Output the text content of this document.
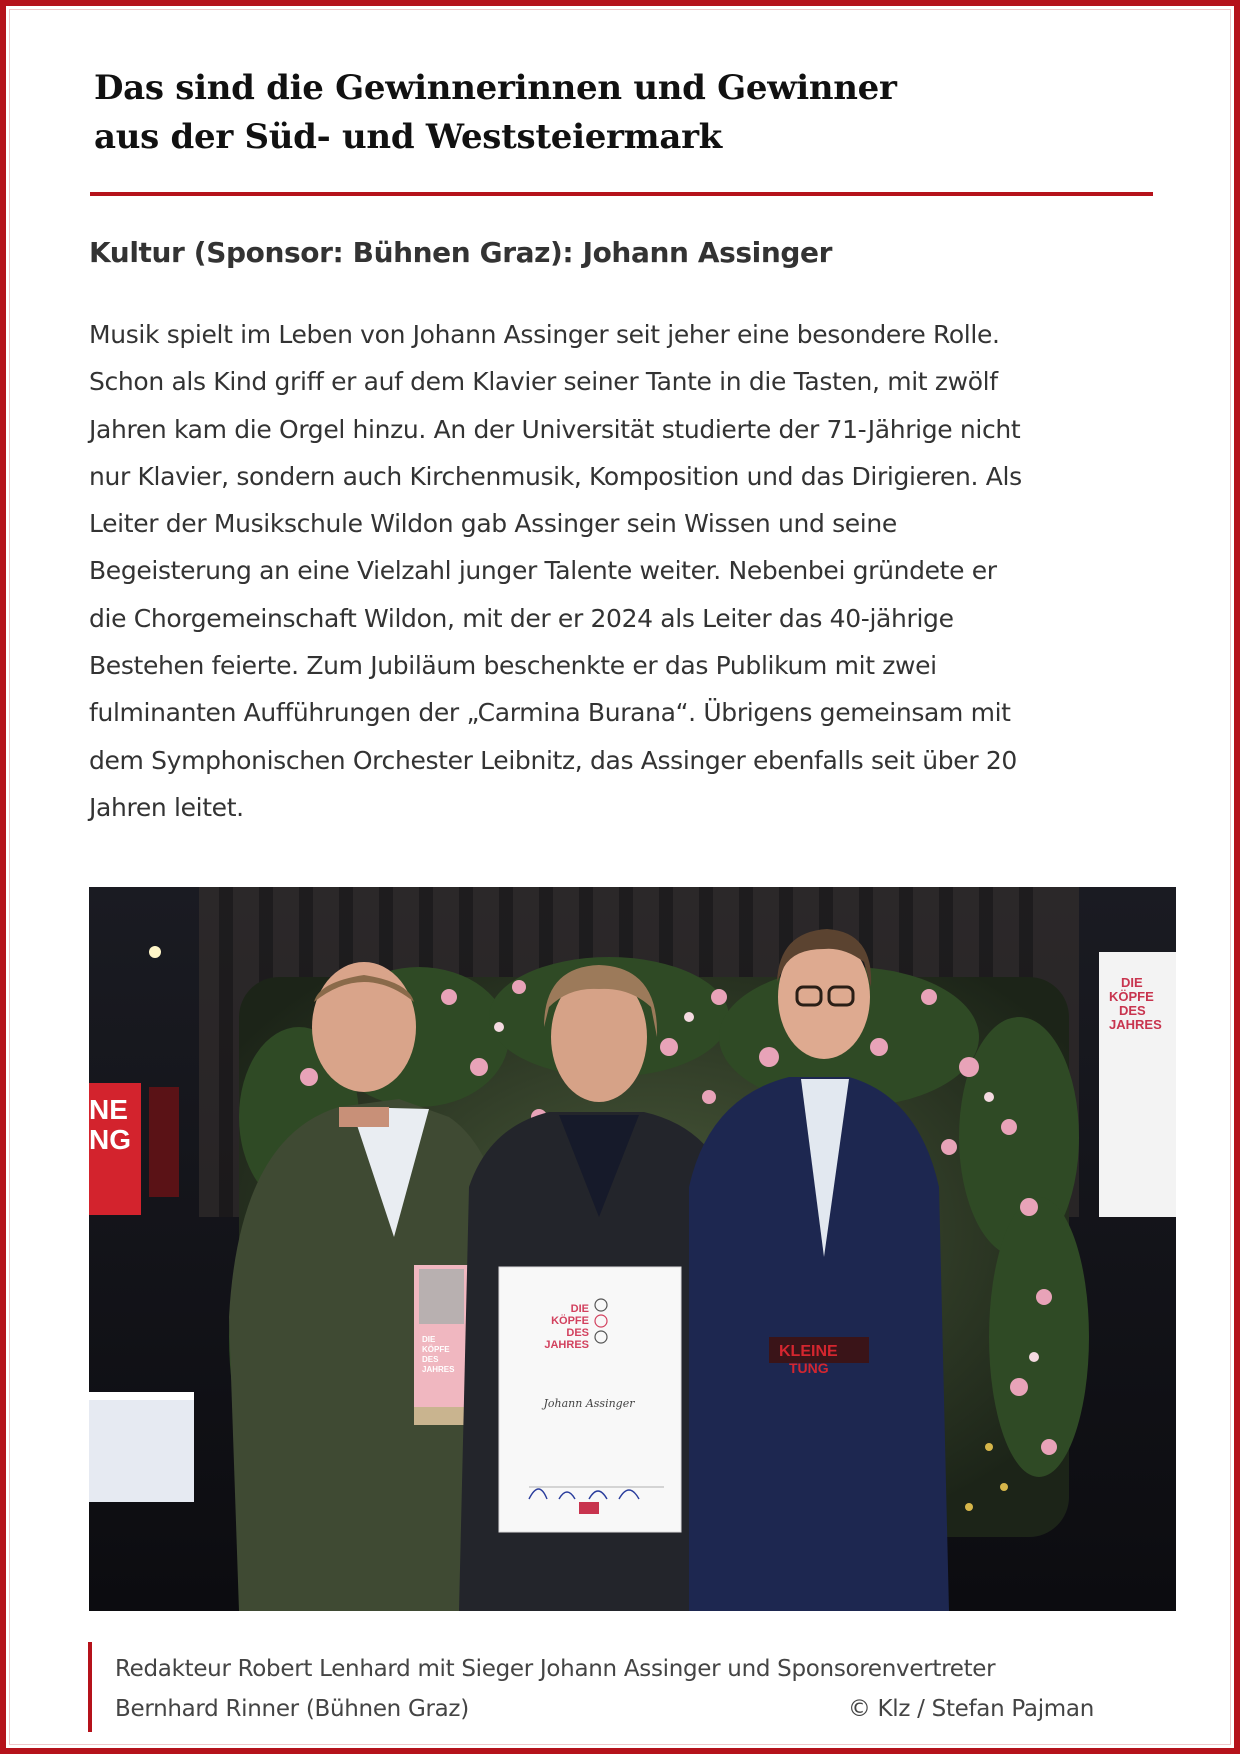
Das sind die Gewinnerinnen und Gewinner
aus der Süd- und Weststeiermark
Kultur (Sponsor: Bühnen Graz): Johann Assinger

Musik spielt im Leben von Johann Assinger seit jeher eine besondere Rolle.
Schon als Kind griff er auf dem Klavier seiner Tante in die Tasten, mit zwölf
Jahren kam die Orgel hinzu. An der Universität studierte der 71-Jährige nicht
nur Klavier, sondern auch Kirchenmusik, Komposition und das Dirigieren. Als
Leiter der Musikschule Wildon gab Assinger sein Wissen und seine
Begeisterung an eine Vielzahl junger Talente weiter. Nebenbei gründete er
die Chorgemeinschaft Wildon, mit der er 2024 als Leiter das 40-jährige
Bestehen feierte. Zum Jubiläum beschenkte er das Publikum mit zwei
fulminanten Aufführungen der „Carmina Burana“. Übrigens gemeinsam mit
dem Symphonischen Orchester Leibnitz, das Assinger ebenfalls seit über 20
Jahren leitet.

NE
NG
DIE
KÖPFE
DES
JAHRES
DIE
KÖPFE
DES
JAHRES
DIE
KÖPFE
DES
JAHRES
Johann Assinger
KLEINE
TUNG

Redakteur Robert Lenhard mit Sieger Johann Assinger und Sponsorenvertreter
Bernhard Rinner (Bühnen Graz)	© Klz / Stefan Pajman
